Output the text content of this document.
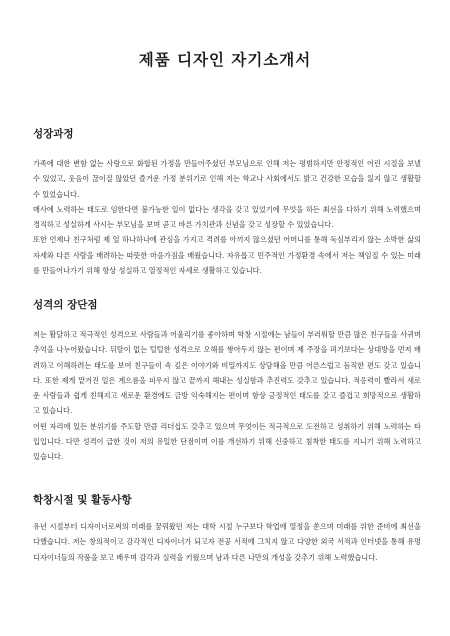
제품 디자인 자기소개서
성장과정

가족에 대한 변함 없는 사랑으로 화합된 가정을 만들어주셨던 부모님으로 인해 저는 평범하지만 안정적인 어린 시절을 보낼 수 있었고, 웃음이 끊이질 않았던 즐거운 가정 분위기로 인해 저는 학교나 사회에서도 밝고 건강한 모습을 잃지 않고 생활할 수 있었습니다.
매사에 노력하는 태도로 임한다면 불가능한 일이 없다는 생각을 갖고 있었기에 무엇을 하든 최선을 다하기 위해 노력했으며 경직하고 성실하게 사시는 부모님을 보며 곧고 바른 가치관과 신념을 갖고 성장할 수 있었습니다.
또한 언제나 친구처럼 제 일 하나하나에 관심을 가지고 격려를 아끼지 않으셨던 어머니를 통해 독심부리지 않는 소박한 삶의 자세와 다른 사람을 배려하는 따뜻한 마음가짐을 배웠습니다. 자유롭고 민주적인 가정환경 속에서 저는 책임질 수 있는 미래를 만들어나가기 위해 항상 성실하고 열정적인 자세로 생활하고 있습니다.

성격의 장단점

저는 활달하고 적극적인 성격으로 사람들과 어울리기를 좋아하며 학창 시절에는 남들이 부러워할 만큼 많은 친구들을 사귀며 추억을 나누어왔습니다. 뒤탈이 없는 털털한 성격으로 오해를 쌓아두지 않는 편이며 제 주장을 펴기보다는 상대방을 먼저 배려하고 이해하려는 태도를 보여 친구들이 속 깊은 이야기와 비밀까지도 상담해올 만큼 어른스럽고 듬직한 편도 갖고 있습니다. 또한 제게 맡겨진 일은 계으름을 피우지 않고 끝까지 해내는 성실함과 추진력도 갖추고 있습니다. 적응력이 빨라서 새로운 사람들과 쉽게 친해지고 새로운 환경에도 금방 익숙해지는 편이며 항상 긍정적인 태도를 갖고 즐겁고 희망적으로 생활하고 있습니다.
어떤 자리에 있든 분위기를 주도할 만큼 리더십도 갖추고 있으며 무엇이든 적극적으로 도전하고 성취하기 위해 노력하는 타입입니다. 다만 성격이 급한 것이 저의 유일한 단점이며 이를 개선하기 위해 신중하고 침착한 태도를 지니기 위해 노력하고 있습니다.

학창시절 및 활동사항

유년 시절부터 디자이너로써의 미래를 꿈꿔왔던 저는 대학 시절 누구보다 학업에 열정을 쏟으며 미래를 위한 준비에 최선을 다했습니다. 저는 창의적이고 감각적인 디자이너가 되고자 전공 서적에 그치지 않고 다양한 외국 서적과 인터넷을 통해 유명 디자이너들의 작품을 보고 배우며 감각과 실력을 키웠으며 남과 다른 나만의 개성을 갖추기 위해 노력했습니다.
